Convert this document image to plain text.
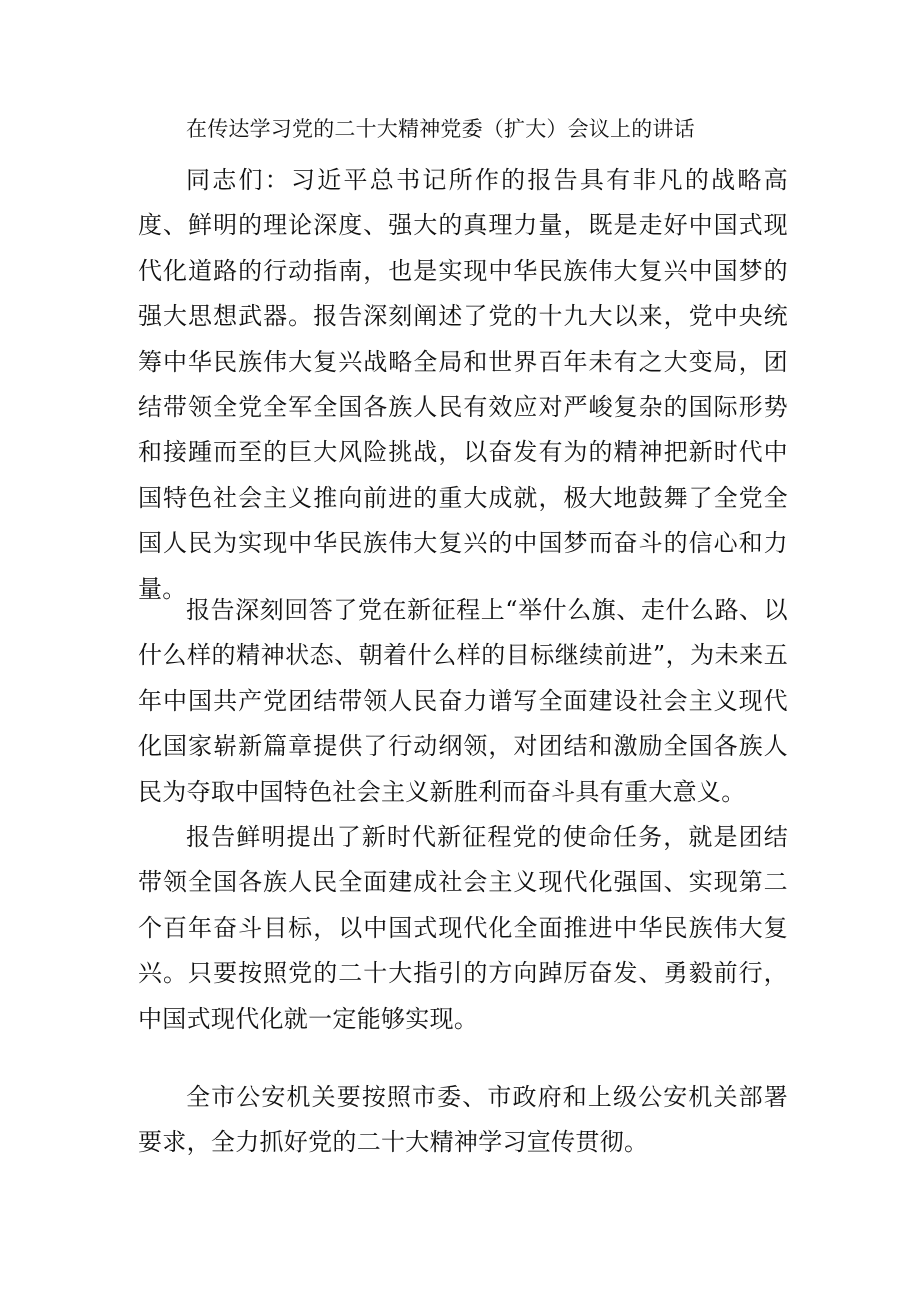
在传达学习党的二十大精神党委（扩大）会议上的讲话

同志们：习近平总书记所作的报告具有非凡的战略高度、鲜明的理论深度、强大的真理力量，既是走好中国式现代化道路的行动指南，也是实现中华民族伟大复兴中国梦的强大思想武器。报告深刻阐述了党的十九大以来，党中央统筹中华民族伟大复兴战略全局和世界百年未有之大变局，团结带领全党全军全国各族人民有效应对严峻复杂的国际形势和接踵而至的巨大风险挑战，以奋发有为的精神把新时代中国特色社会主义推向前进的重大成就，极大地鼓舞了全党全国人民为实现中华民族伟大复兴的中国梦而奋斗的信心和力量。

报告深刻回答了党在新征程上“举什么旗、走什么路、以什么样的精神状态、朝着什么样的目标继续前进”，为未来五年中国共产党团结带领人民奋力谱写全面建设社会主义现代化国家崭新篇章提供了行动纲领，对团结和激励全国各族人民为夺取中国特色社会主义新胜利而奋斗具有重大意义。

报告鲜明提出了新时代新征程党的使命任务，就是团结带领全国各族人民全面建成社会主义现代化强国、实现第二个百年奋斗目标，以中国式现代化全面推进中华民族伟大复兴。只要按照党的二十大指引的方向踔厉奋发、勇毅前行，中国式现代化就一定能够实现。

全市公安机关要按照市委、市政府和上级公安机关部署要求，全力抓好党的二十大精神学习宣传贯彻。
